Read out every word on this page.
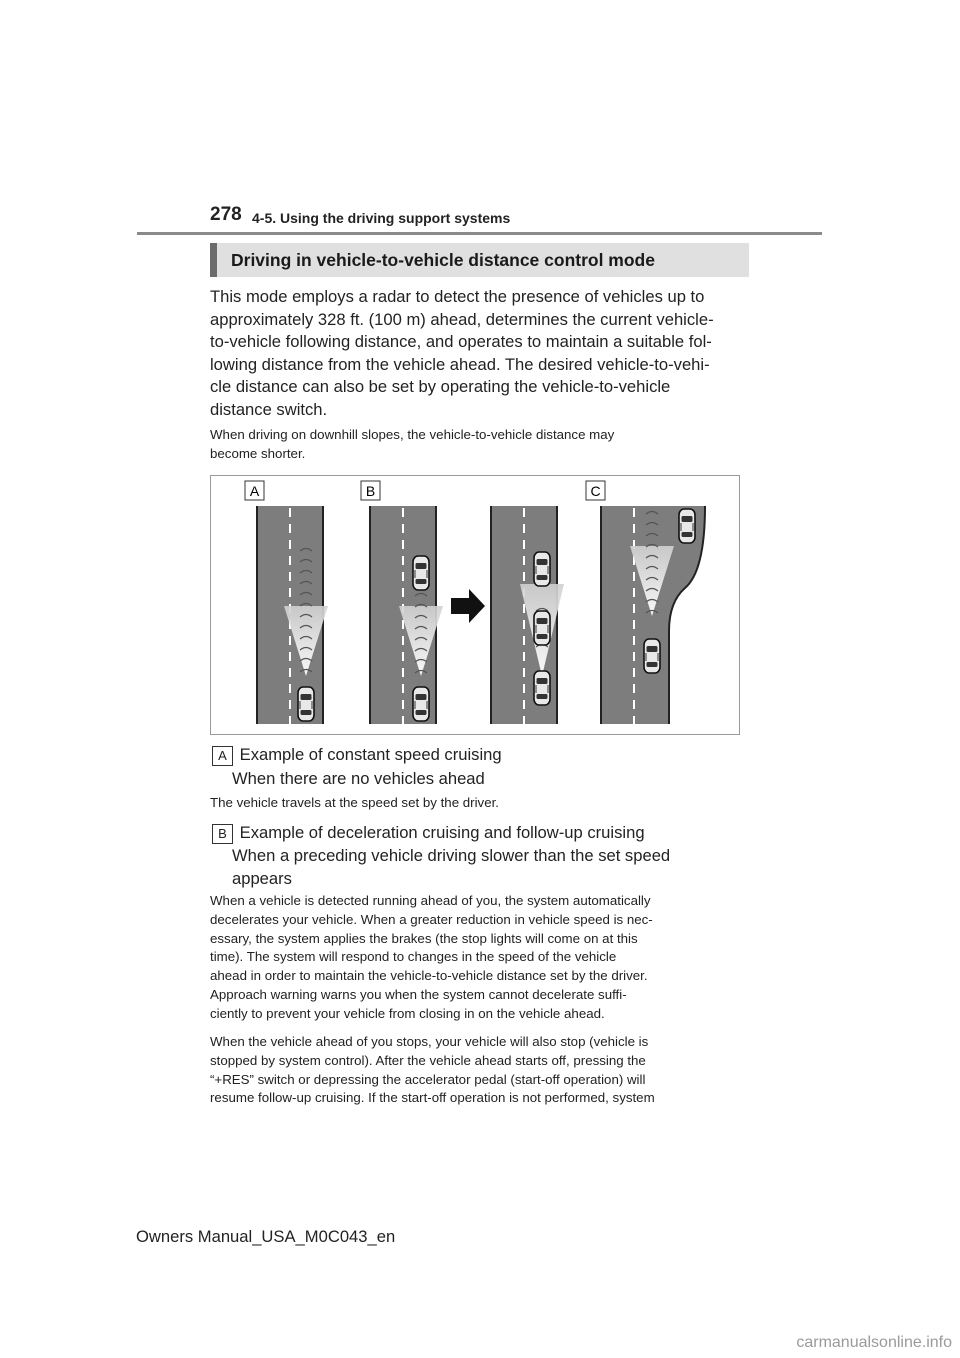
278 4-5. Using the driving support systems
Driving in vehicle-to-vehicle distance control mode
This mode employs a radar to detect the presence of vehicles up to
approximately 328 ft. (100 m) ahead, determines the current vehicle-
to-vehicle following distance, and operates to maintain a suitable fol-
lowing distance from the vehicle ahead. The desired vehicle-to-vehi-
cle distance can also be set by operating the vehicle-to-vehicle
distance switch.
When driving on downhill slopes, the vehicle-to-vehicle distance may
become shorter.
A	B	C
A Example of constant speed cruising
When there are no vehicles ahead
The vehicle travels at the speed set by the driver.
B Example of deceleration cruising and follow-up cruising
When a preceding vehicle driving slower than the set speed
appears
When a vehicle is detected running ahead of you, the system automatically
decelerates your vehicle. When a greater reduction in vehicle speed is nec-
essary, the system applies the brakes (the stop lights will come on at this
time). The system will respond to changes in the speed of the vehicle
ahead in order to maintain the vehicle-to-vehicle distance set by the driver.
Approach warning warns you when the system cannot decelerate suffi-
ciently to prevent your vehicle from closing in on the vehicle ahead.
When the vehicle ahead of you stops, your vehicle will also stop (vehicle is
stopped by system control). After the vehicle ahead starts off, pressing the
“+RES” switch or depressing the accelerator pedal (start-off operation) will
resume follow-up cruising. If the start-off operation is not performed, system
Owners Manual_USA_M0C043_en
carmanualsonline.info
